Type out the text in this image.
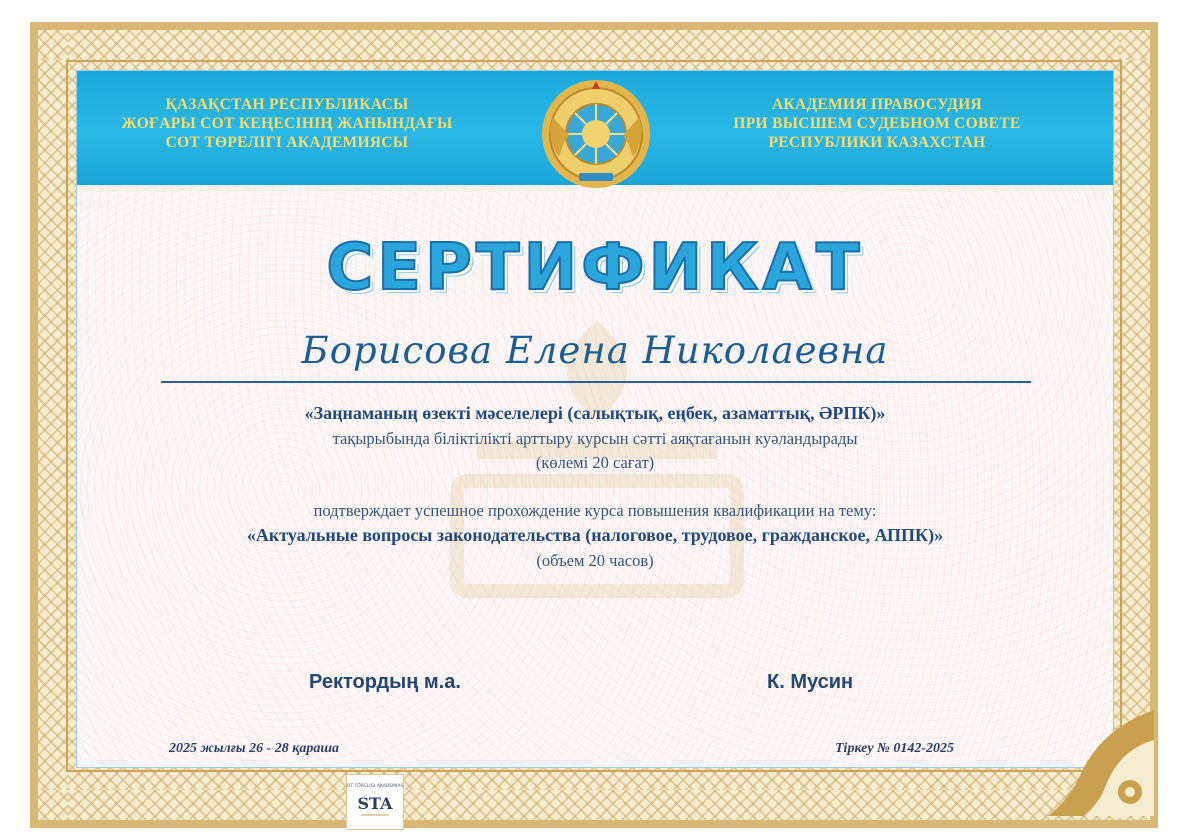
ҚАЗАҚСТАН РЕСПУБЛИКАСЫ
ЖОҒАРЫ СОТ КЕҢЕСІНІҢ ЖАНЫНДАҒЫ
СОТ ТӨРЕЛІГІ АКАДЕМИЯСЫ
АКАДЕМИЯ ПРАВОСУДИЯ
ПРИ ВЫСШЕМ СУДЕБНОМ СОВЕТЕ
РЕСПУБЛИКИ КАЗАХСТАН
СЕРТИФИКАТ
Борисова Елена Николаевна
«Заңнаманың өзекті мәселелері (салықтық, еңбек, азаматтық, ӘРПК)»
тақырыбында біліктілікті арттыру курсын сәтті аяқтағанын куәландырады
(көлемі 20 сағат)
подтверждает успешное прохождение курса повышения квалификации на тему:
«Актуальные вопросы законодательства (налоговое, трудовое, гражданское, АППК)»
(объем 20 часов)
Ректордың м.а.	К. Мусин
2025 жылғы 26 - 28 қараша	Тіркеу № 0142-2025
SOT TÖRELIGI AKADEMIASY
STA
